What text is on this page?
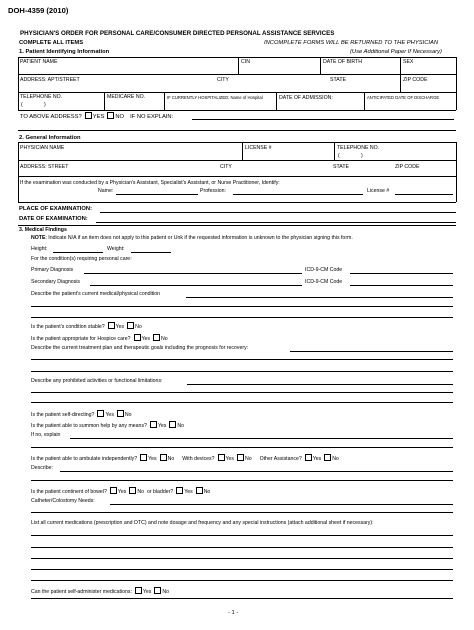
DOH-4359 (2010)
PHYSICIAN'S ORDER FOR PERSONAL CARE/CONSUMER DIRECTED PERSONAL ASSISTANCE SERVICES
COMPLETE ALL ITEMS	INCOMPLETE FORMS WILL BE RETURNED TO THE PHYSICIAN
(Use Additional Paper If Necessary)
1. Patient Identifying Information
PATIENT NAME	CIN	DATE OF BIRTH	SEX
ADDRESS: APT/STREET	CITY	STATE	ZIP CODE
TELEPHONE NO.
(	)
MEDICARE NO.	IF CURRENTLY HOSPITALIZED: Name of Hospital	DATE OF ADMISSION:	ANTICIPATED DATE OF DISCHARGE
TO ABOVE ADDRESS? YES NO IF NO EXPLAIN:
2. General Information
PHYSICIAN NAME	LICENSE #	TELEPHONE NO.
(	)
ADDRESS: STREET	CITY	STATE	ZIP CODE
If the examination was conducted by a Physician's Assistant, Specialist's Assistant, or Nurse Practitioner, Identify:
Name:	Profession:	License #
PLACE OF EXAMINATION:
DATE OF EXAMINATION:
3. Medical Findings
NOTE: Indicate N/A if an item does not apply to this patient or Unk if the requested information is unknown to the physician signing this form.
Height:	Weight:
For the condition(s) requiring personal care:
Primary Diagnosis	ICD-9-CM Code
Secondary Diagnosis	ICD-9-CM Code
Describe the patient's current medical/physical condition
Is the patient's condition stable? Yes No
Is the patient appropriate for Hospice care? Yes No
Describe the current treatment plan and therapeutic goals including the prognosis for recovery:
Describe any prohibited activities or functional limitations:
Is the patient self-directing? Yes No
Is the patient able to summon help by any means? Yes No
If no, explain
Is the patient able to ambulate independently? Yes No With devices? Yes No Other Assistance? Yes No
Describe:
Is the patient continent of bowel? Yes No or bladder? Yes No
Catheter/Colostomy Needs:
List all current medications (prescription and OTC) and note dosage and frequency and any special instructions (attach additional sheet if necessary):
Can the patient self-administer medications: Yes No
- 1 -
